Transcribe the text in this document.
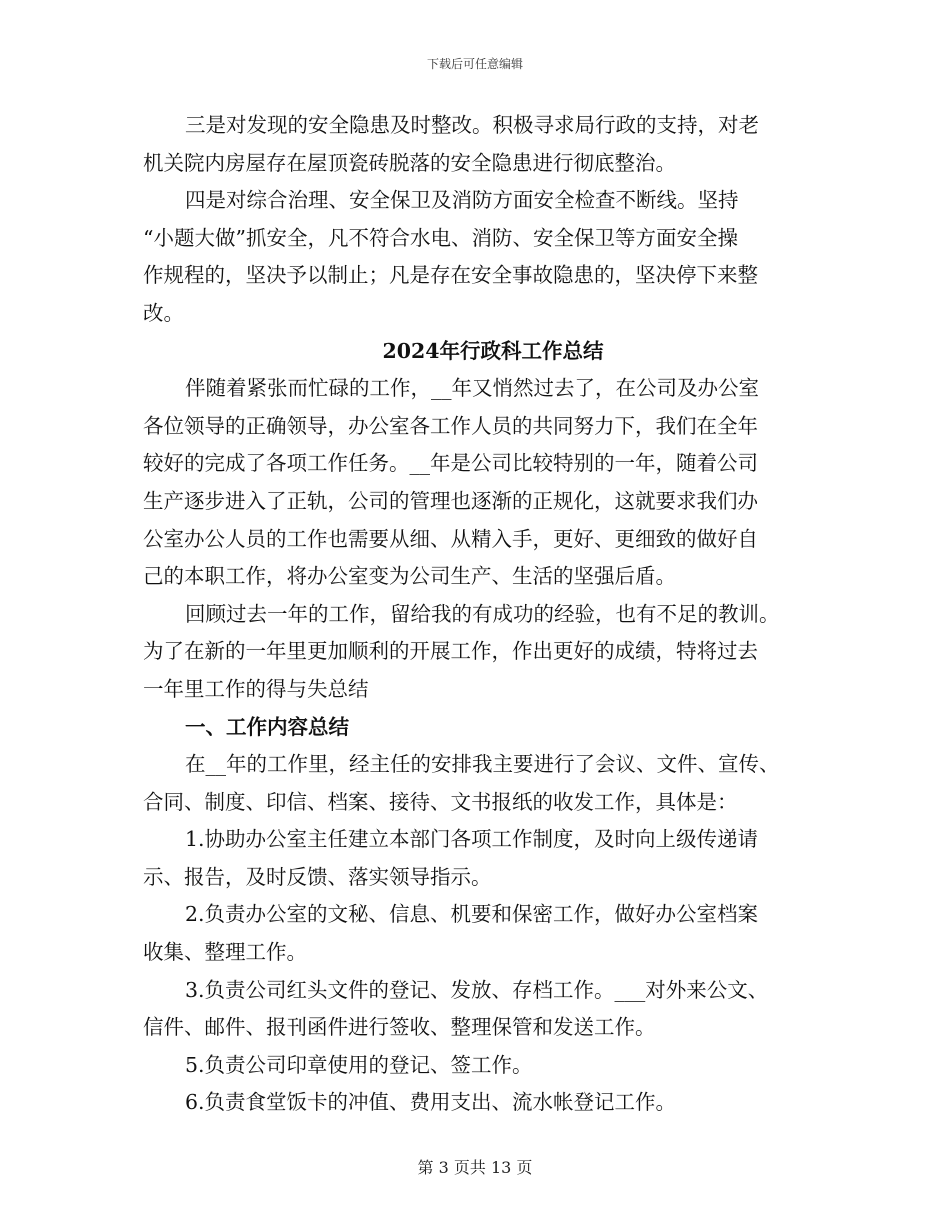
下载后可任意编辑
三是对发现的安全隐患及时整改。积极寻求局行政的支持，对老
机关院内房屋存在屋顶瓷砖脱落的安全隐患进行彻底整治。
四是对综合治理、安全保卫及消防方面安全检查不断线。坚持
“小题大做”抓安全，凡不符合水电、消防、安全保卫等方面安全操
作规程的，坚决予以制止；凡是存在安全事故隐患的，坚决停下来整
改。
2024年行政科工作总结
伴随着紧张而忙碌的工作，__年又悄然过去了，在公司及办公室
各位领导的正确领导，办公室各工作人员的共同努力下，我们在全年
较好的完成了各项工作任务。__年是公司比较特别的一年，随着公司
生产逐步进入了正轨，公司的管理也逐渐的正规化，这就要求我们办
公室办公人员的工作也需要从细、从精入手，更好、更细致的做好自
己的本职工作，将办公室变为公司生产、生活的坚强后盾。
回顾过去一年的工作，留给我的有成功的经验，也有不足的教训。
为了在新的一年里更加顺利的开展工作，作出更好的成绩，特将过去
一年里工作的得与失总结
一、工作内容总结
在__年的工作里，经主任的安排我主要进行了会议、文件、宣传、
合同、制度、印信、档案、接待、文书报纸的收发工作，具体是：
1.协助办公室主任建立本部门各项工作制度，及时向上级传递请
示、报告，及时反馈、落实领导指示。
2.负责办公室的文秘、信息、机要和保密工作，做好办公室档案
收集、整理工作。
3.负责公司红头文件的登记、发放、存档工作。___对外来公文、
信件、邮件、报刊函件进行签收、整理保管和发送工作。
5.负责公司印章使用的登记、签工作。
6.负责食堂饭卡的冲值、费用支出、流水帐登记工作。
第 3 页共 13 页
